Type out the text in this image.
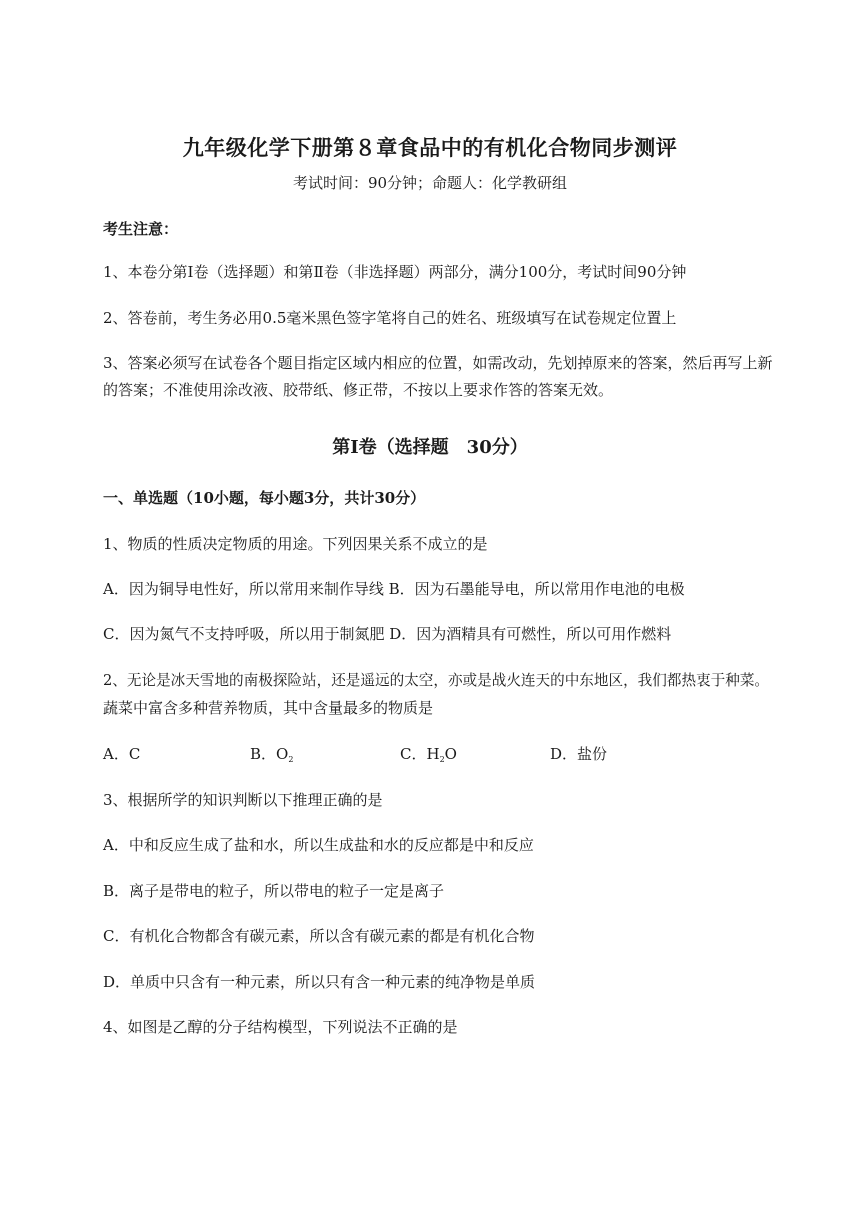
九年级化学下册第８章食品中的有机化合物同步测评
考试时间：90分钟；命题人：化学教研组
考生注意：
1、本卷分第Ⅰ卷（选择题）和第Ⅱ卷（非选择题）两部分，满分100分，考试时间90分钟
2、答卷前，考生务必用0.5毫米黑色签字笔将自己的姓名、班级填写在试卷规定位置上
3、答案必须写在试卷各个题目指定区域内相应的位置，如需改动，先划掉原来的答案，然后再写上新
的答案；不准使用涂改液、胶带纸、修正带，不按以上要求作答的答案无效。
第Ⅰ卷（选择题　30分）
一、单选题（10小题，每小题3分，共计30分）
1、物质的性质决定物质的用途。下列因果关系不成立的是
A．因为铜导电性好，所以常用来制作导线 B．因为石墨能导电，所以常用作电池的电极
C．因为氮气不支持呼吸，所以用于制氮肥 D．因为酒精具有可燃性，所以可用作燃料
2、无论是冰天雪地的南极探险站，还是遥远的太空，亦或是战火连天的中东地区，我们都热衷于种菜。
蔬菜中富含多种营养物质，其中含量最多的物质是
A．C	B．$O_2$	C．$H_2O$	D．盐份
3、根据所学的知识判断以下推理正确的是
A．中和反应生成了盐和水，所以生成盐和水的反应都是中和反应
B．离子是带电的粒子，所以带电的粒子一定是离子
C．有机化合物都含有碳元素，所以含有碳元素的都是有机化合物
D．单质中只含有一种元素，所以只有含一种元素的纯净物是单质
4、如图是乙醇的分子结构模型，下列说法不正确的是
